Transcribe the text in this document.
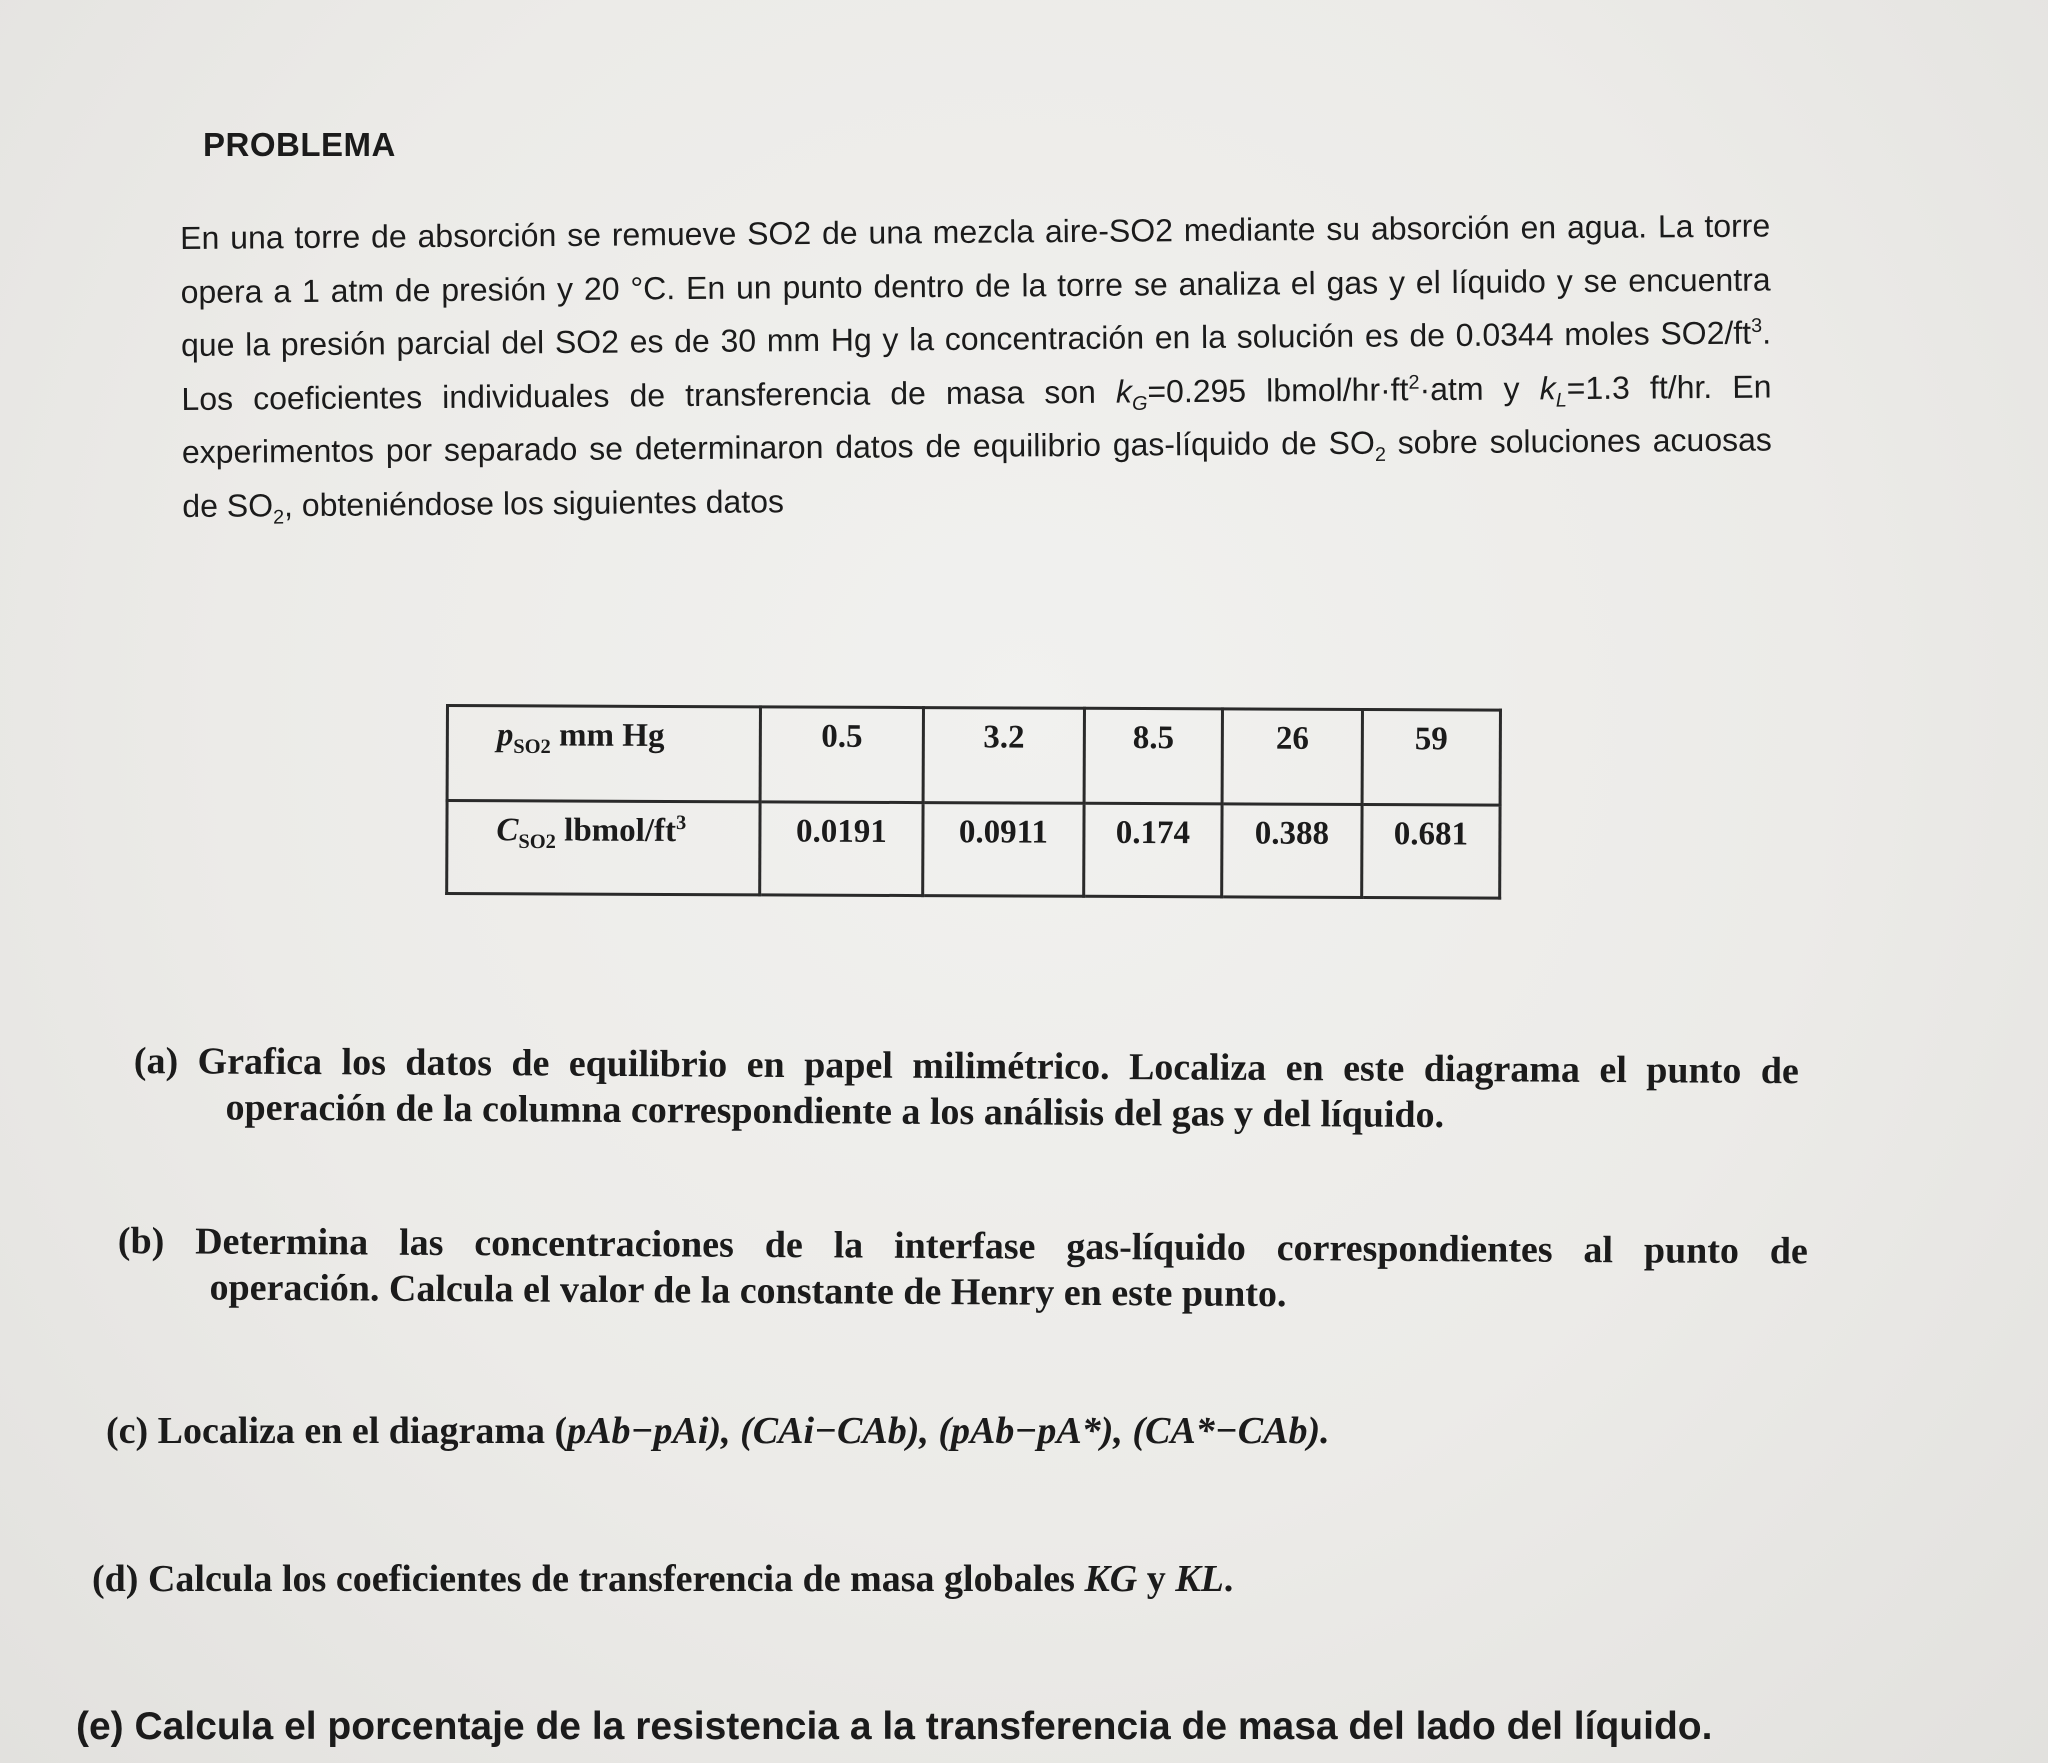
PROBLEMA

En una torre de absorción se remueve SO2 de una mezcla aire-SO2 mediante su absorción en agua. La torre opera a 1 atm de presión y 20 °C. En un punto dentro de la torre se analiza el gas y el líquido y se encuentra que la presión parcial del SO2 es de 30 mm Hg y la concentración en la solución es de 0.0344 moles $SO2/ft^3$. Los coeficientes individuales de transferencia de masa son $k_G=0.295$ lbmol/$hr\cdot ft^2\cdot atm$ y $k_L=1.3$ ft/hr. En experimentos por separado se determinaron datos de equilibrio gas-líquido de $SO_2$ sobre soluciones acuosas de $SO_2$, obteniéndose los siguientes datos

$p_{SO2}$ mm Hg	0.5	3.2	8.5	26	59
$C_{SO2}$ lbmol/$ft^3$	0.0191	0.0911	0.174	0.388	0.681
(a) Grafica los datos de equilibrio en papel milimétrico. Localiza en este diagrama el punto de
operación de la columna correspondiente a los análisis del gas y del líquido.
(b) Determina las concentraciones de la interfase gas-líquido correspondientes al punto de
operación. Calcula el valor de la constante de Henry en este punto.
(c) Localiza en el diagrama (pAb−pAi), (CAi−CAb), (pAb−pA*), (CA*−CAb).
(d) Calcula los coeficientes de transferencia de masa globales KG y KL.
(e) Calcula el porcentaje de la resistencia a la transferencia de masa del lado del líquido.
